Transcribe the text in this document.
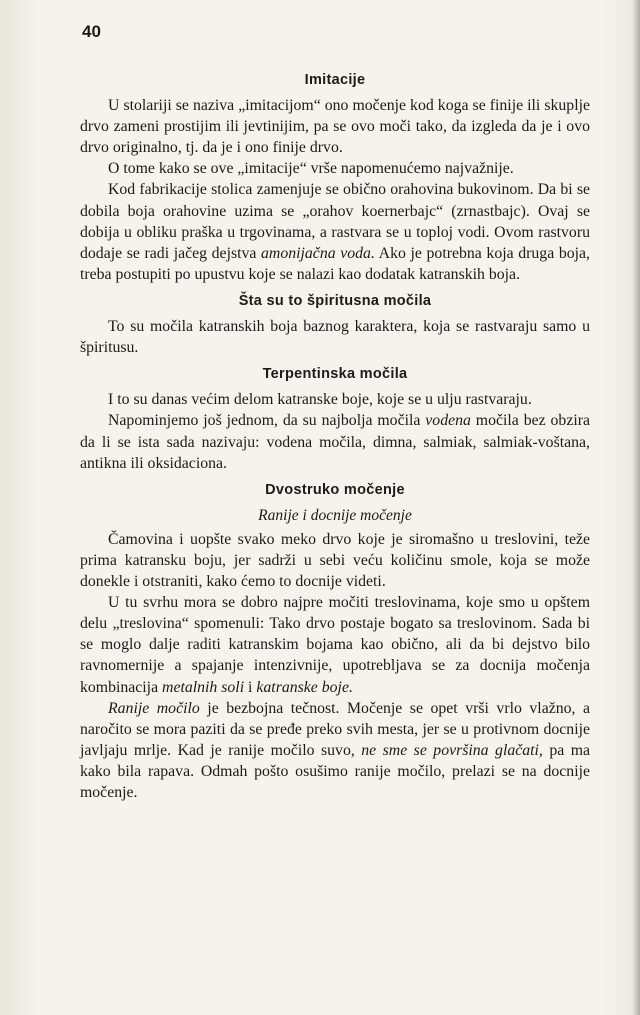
40
Imitacije

U stolariji se naziva „imitacijom“ ono močenje kod koga se finije ili skuplje drvo zameni prostijim ili jevtinijim, pa se ovo moči tako, da izgleda da je i ovo drvo originalno, tj. da je i ono finije drvo.

O tome kako se ove „imitacije“ vrše napomenućemo najvažnije.

Kod fabrikacije stolica zamenjuje se obično orahovina bukovinom. Da bi se dobila boja orahovine uzima se „orahov koernerbajc“ (zrnastbajc). Ovaj se dobija u obliku praška u trgovinama, a rastvara se u toploj vodi. Ovom rastvoru dodaje se radi jačeg dejstva amonijačna voda. Ako je potrebna koja druga boja, treba postupiti po upustvu koje se nalazi kao dodatak katranskih boja.

Šta su to špiritusna močila

To su močila katranskih boja baznog karaktera, koja se rastvaraju samo u špiritusu.

Terpentinska močila

I to su danas većim delom katranske boje, koje se u ulju rastvaraju.

Napominjemo još jednom, da su najbolja močila vodena močila bez obzira da li se ista sada nazivaju: vodena močila, dimna, salmiak, salmiak-voštana, antikna ili oksidaciona.

Dvostruko močenje
Ranije i docnije močenje

Čamovina i uopšte svako meko drvo koje je siromašno u treslovini, teže prima katransku boju, jer sadrži u sebi veću količinu smole, koja se može donekle i otstraniti, kako ćemo to docnije videti.

U tu svrhu mora se dobro najpre močiti treslovinama, koje smo u opštem delu „treslovina“ spomenuli: Tako drvo postaje bogato sa treslovinom. Sada bi se moglo dalje raditi katranskim bojama kao obično, ali da bi dejstvo bilo ravnomernije a spajanje intenzivnije, upotrebljava se za docnija močenja kombinacija metalnih soli i katranske boje.

Ranije močilo je bezbojna tečnost. Močenje se opet vrši vrlo vlažno, a naročito se mora paziti da se pređe preko svih mesta, jer se u protivnom docnije javljaju mrlje. Kad je ranije močilo suvo, ne sme se površina glačati, pa ma kako bila rapava. Odmah pošto osušimo ranije močilo, prelazi se na docnije močenje.
